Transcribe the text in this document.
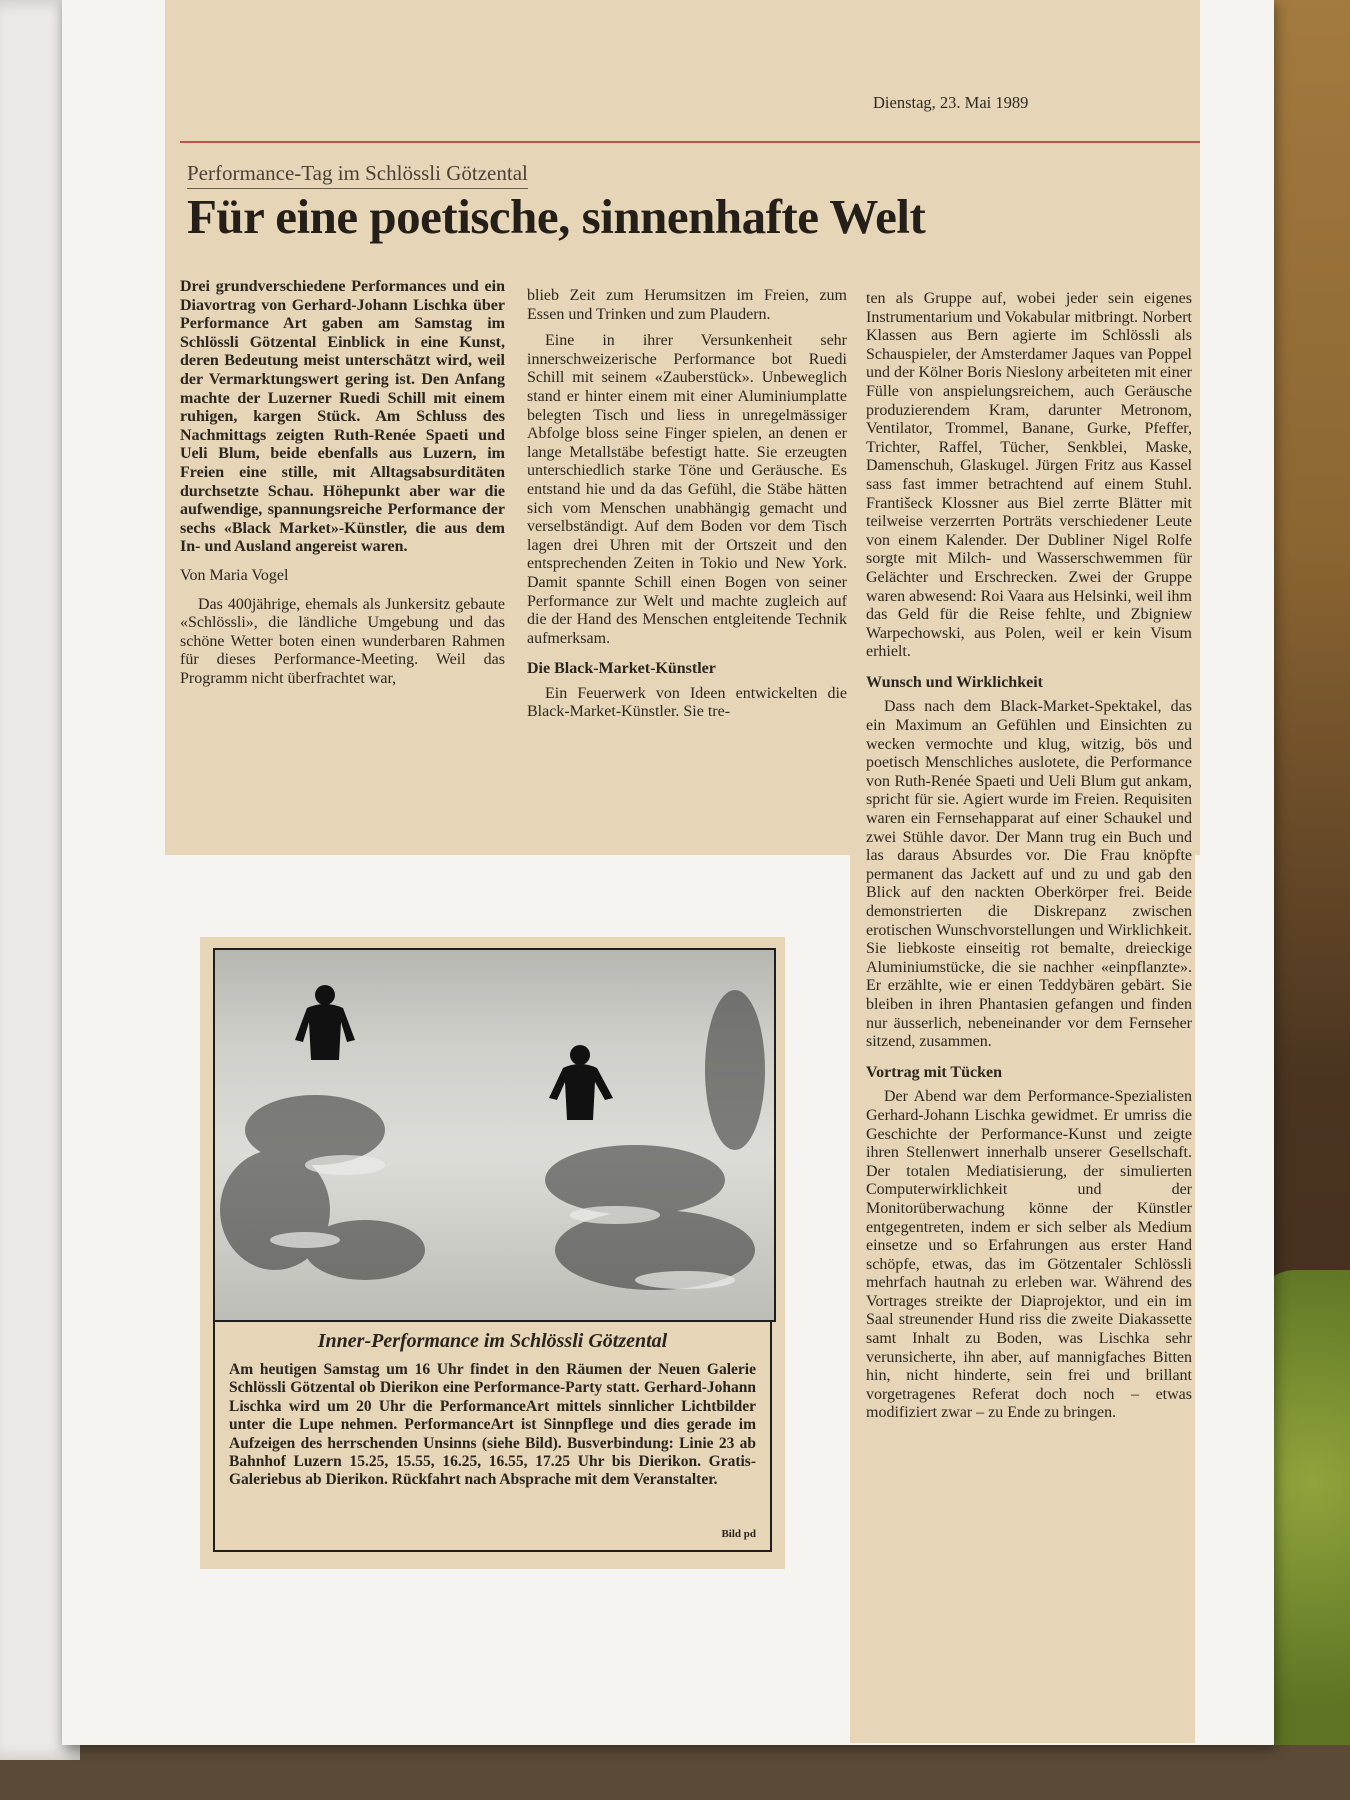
Dienstag, 23. Mai 1989
Performance-Tag im Schlössli Götzental
Für eine poetische, sinnenhafte Welt

Drei grundverschiedene Performances und ein Diavortrag von Gerhard-Johann Lischka über Performance Art gaben am Samstag im Schlössli Götzental Einblick in eine Kunst, deren Bedeutung meist unterschätzt wird, weil der Vermarktungswert gering ist. Den Anfang machte der Luzerner Ruedi Schill mit einem ruhigen, kargen Stück. Am Schluss des Nachmittags zeigten Ruth-Renée Spaeti und Ueli Blum, beide ebenfalls aus Luzern, im Freien eine stille, mit Alltagsabsurditäten durchsetzte Schau. Höhepunkt aber war die aufwendige, spannungsreiche Performance der sechs «Black Market»-Künstler, die aus dem In- und Ausland angereist waren.

Von Maria Vogel

Das 400jährige, ehemals als Junkersitz gebaute «Schlössli», die ländliche Umgebung und das schöne Wetter boten einen wunderbaren Rahmen für dieses Performance-Meeting. Weil das Programm nicht überfrachtet war,

blieb Zeit zum Herumsitzen im Freien, zum Essen und Trinken und zum Plaudern.

Eine in ihrer Versunkenheit sehr innerschweizerische Performance bot Ruedi Schill mit seinem «Zauberstück». Unbeweglich stand er hinter einem mit einer Aluminiumplatte belegten Tisch und liess in unregelmässiger Abfolge bloss seine Finger spielen, an denen er lange Metallstäbe befestigt hatte. Sie erzeugten unterschiedlich starke Töne und Geräusche. Es entstand hie und da das Gefühl, die Stäbe hätten sich vom Menschen unabhängig gemacht und verselbständigt. Auf dem Boden vor dem Tisch lagen drei Uhren mit der Ortszeit und den entsprechenden Zeiten in Tokio und New York. Damit spannte Schill einen Bogen von seiner Performance zur Welt und machte zugleich auf die der Hand des Menschen entgleitende Technik aufmerksam.

Die Black-Market-Künstler

Ein Feuerwerk von Ideen entwickelten die Black-Market-Künstler. Sie tre-

ten als Gruppe auf, wobei jeder sein eigenes Instrumentarium und Vokabular mitbringt. Norbert Klassen aus Bern agierte im Schlössli als Schauspieler, der Amsterdamer Jaques van Poppel und der Kölner Boris Nieslony arbeiteten mit einer Fülle von anspielungsreichem, auch Geräusche produzierendem Kram, darunter Metronom, Ventilator, Trommel, Banane, Gurke, Pfeffer, Trichter, Raffel, Tücher, Senkblei, Maske, Damenschuh, Glaskugel. Jürgen Fritz aus Kassel sass fast immer betrachtend auf einem Stuhl. Františeck Klossner aus Biel zerrte Blätter mit teilweise verzerrten Porträts verschiedener Leute von einem Kalender. Der Dubliner Nigel Rolfe sorgte mit Milch- und Wasserschwemmen für Gelächter und Erschrecken. Zwei der Gruppe waren abwesend: Roi Vaara aus Helsinki, weil ihm das Geld für die Reise fehlte, und Zbigniew Warpechowski, aus Polen, weil er kein Visum erhielt.

Wunsch und Wirklichkeit

Dass nach dem Black-Market-Spektakel, das ein Maximum an Gefühlen und Einsichten zu wecken vermochte und klug, witzig, bös und poetisch Menschliches auslotete, die Performance von Ruth-Renée Spaeti und Ueli Blum gut ankam, spricht für sie. Agiert wurde im Freien. Requisiten waren ein Fernsehapparat auf einer Schaukel und zwei Stühle davor. Der Mann trug ein Buch und las daraus Absurdes vor. Die Frau knöpfte permanent das Jackett auf und zu und gab den Blick auf den nackten Oberkörper frei. Beide demonstrierten die Diskrepanz zwischen erotischen Wunschvorstellungen und Wirklichkeit. Sie liebkoste einseitig rot bemalte, dreieckige Aluminiumstücke, die sie nachher «einpflanzte». Er erzählte, wie er einen Teddybären gebärt. Sie bleiben in ihren Phantasien gefangen und finden nur äusserlich, nebeneinander vor dem Fernseher sitzend, zusammen.

Vortrag mit Tücken

Der Abend war dem Performance-Spezialisten Gerhard-Johann Lischka gewidmet. Er umriss die Geschichte der Performance-Kunst und zeigte ihren Stellenwert innerhalb unserer Gesellschaft. Der totalen Mediatisierung, der simulierten Computerwirklichkeit und der Monitorüberwachung könne der Künstler entgegentreten, indem er sich selber als Medium einsetze und so Erfahrungen aus erster Hand schöpfe, etwas, das im Götzentaler Schlössli mehrfach hautnah zu erleben war. Während des Vortrages streikte der Diaprojektor, und ein im Saal streunender Hund riss die zweite Diakassette samt Inhalt zu Boden, was Lischka sehr verunsicherte, ihn aber, auf mannigfaches Bitten hin, nicht hinderte, sein frei und brillant vorgetragenes Referat doch noch – etwas modifiziert zwar – zu Ende zu bringen.

Inner-Performance im Schlössli Götzental
Am heutigen Samstag um 16 Uhr findet in den Räumen der Neuen Galerie Schlössli Götzental ob Dierikon eine Performance-Party statt. Gerhard-Johann Lischka wird um 20 Uhr die PerformanceArt mittels sinnlicher Lichtbilder unter die Lupe nehmen. PerformanceArt ist Sinnpflege und dies gerade im Aufzeigen des herrschenden Unsinns (siehe Bild). Busverbindung: Linie 23 ab Bahnhof Luzern 15.25, 15.55, 16.25, 16.55, 17.25 Uhr bis Dierikon. Gratis-Galeriebus ab Dierikon. Rückfahrt nach Absprache mit dem Veranstalter.
Bild pd
